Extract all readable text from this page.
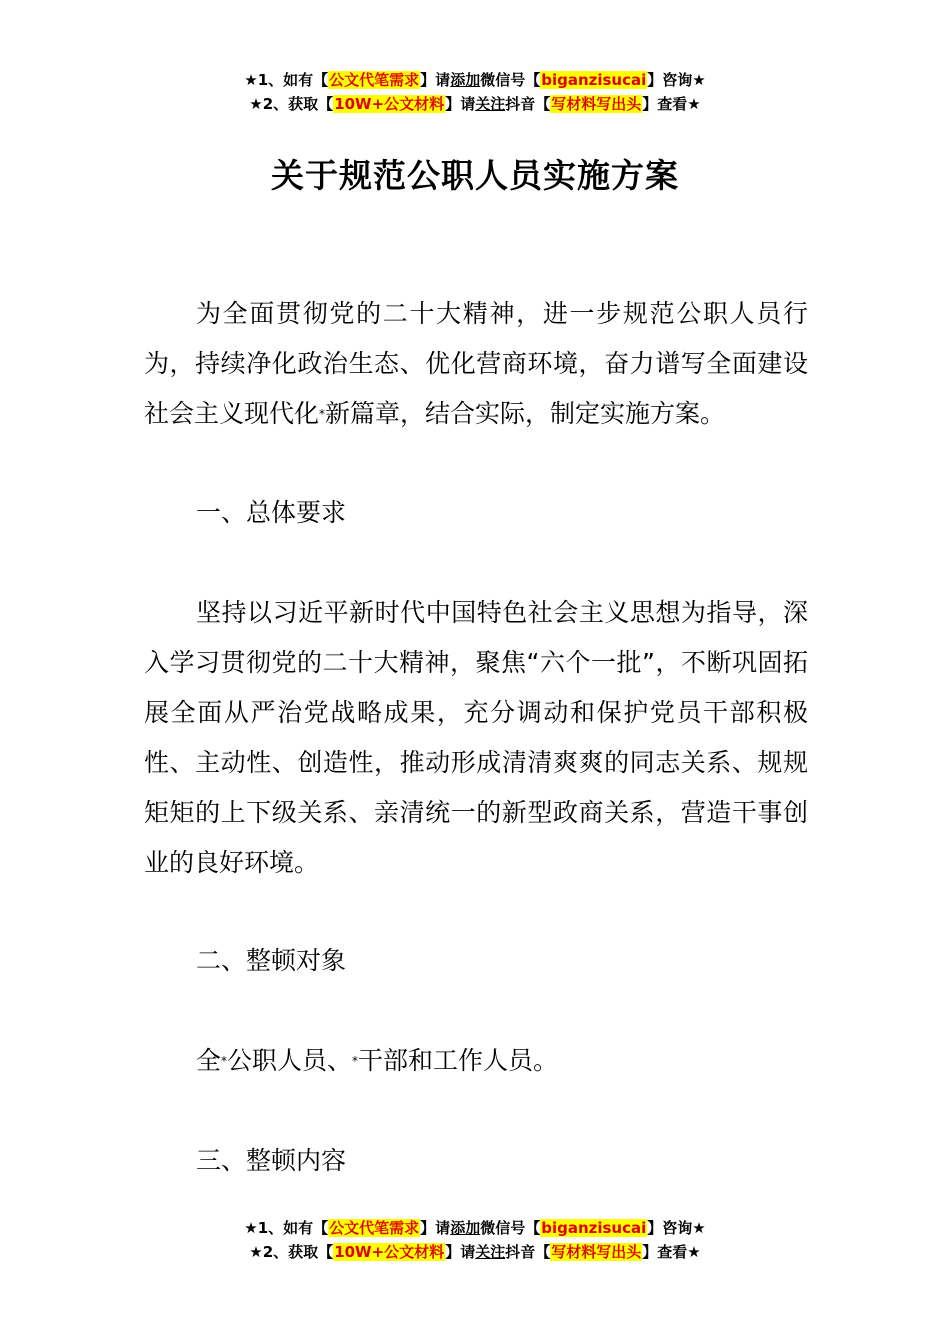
★1、如有【公文代笔需求】请添加微信号【biganzisucai】咨询★
★2、获取【10W+公文材料】请关注抖音【写材料写出头】查看★
关于规范公职人员实施方案

为全面贯彻党的二十大精神，进一步规范公职人员行为，持续净化政治生态、优化营商环境，奋力谱写全面建设社会主义现代化*新篇章，结合实际，制定实施方案。

一、总体要求

坚持以习近平新时代中国特色社会主义思想为指导，深入学习贯彻党的二十大精神，聚焦“六个一批”，不断巩固拓展全面从严治党战略成果，充分调动和保护党员干部积极性、主动性、创造性，推动形成清清爽爽的同志关系、规规矩矩的上下级关系、亲清统一的新型政商关系，营造干事创业的良好环境。

二、整顿对象

全*公职人员、*干部和工作人员。

三、整顿内容

★1、如有【公文代笔需求】请添加微信号【biganzisucai】咨询★
★2、获取【10W+公文材料】请关注抖音【写材料写出头】查看★
